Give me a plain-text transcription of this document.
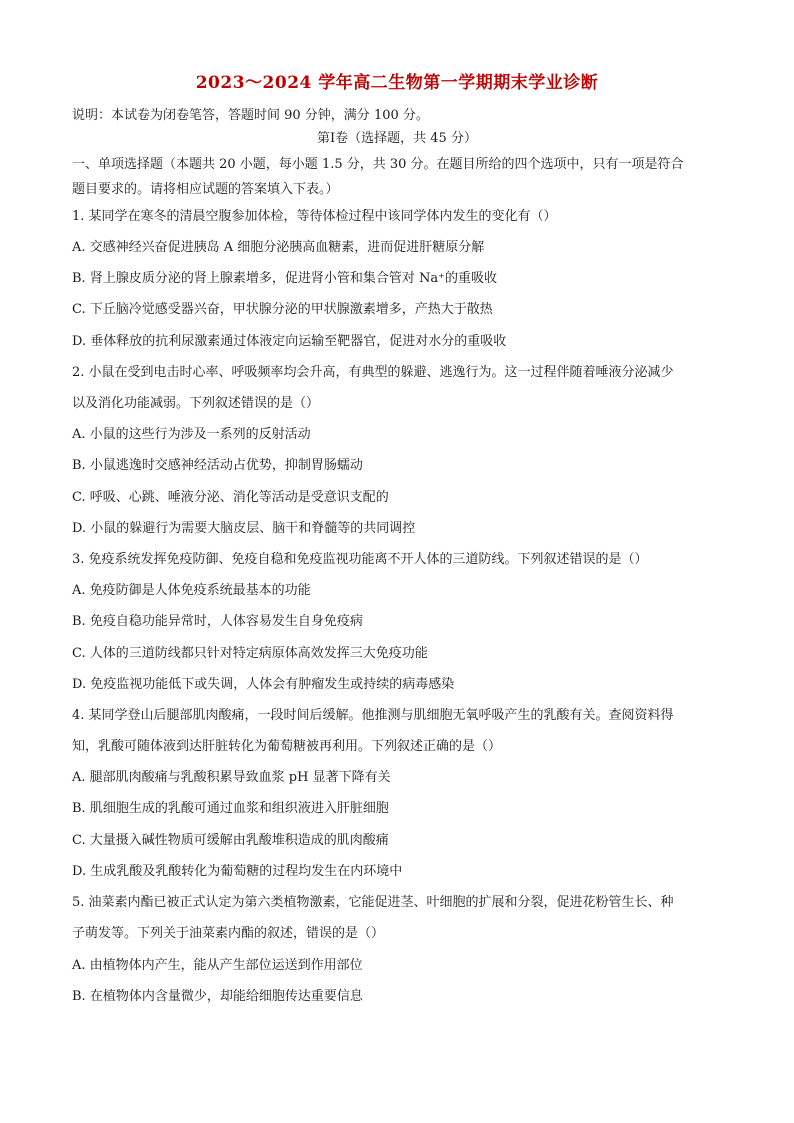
2023～2024 学年高二生物第一学期期末学业诊断
说明：本试卷为闭卷笔答，答题时间 90 分钟，满分 100 分。
第Ⅰ卷（选择题，共 45 分）
一、单项选择题（本题共 20 小题，每小题 1.5 分，共 30 分。在题目所给的四个选项中，只有一项是符合
题目要求的。请将相应试题的答案填入下表。）
1. 某同学在寒冬的清晨空腹参加体检，等待体检过程中该同学体内发生的变化有（）
A. 交感神经兴奋促进胰岛 A 细胞分泌胰高血糖素，进而促进肝糖原分解
B. 肾上腺皮质分泌的肾上腺素增多，促进肾小管和集合管对 Na⁺的重吸收
C. 下丘脑冷觉感受器兴奋，甲状腺分泌的甲状腺激素增多，产热大于散热
D. 垂体释放的抗利尿激素通过体液定向运输至靶器官，促进对水分的重吸收
2. 小鼠在受到电击时心率、呼吸频率均会升高，有典型的躲避、逃逸行为。这一过程伴随着唾液分泌减少
以及消化功能减弱。下列叙述错误的是（）
A. 小鼠的这些行为涉及一系列的反射活动
B. 小鼠逃逸时交感神经活动占优势，抑制胃肠蠕动
C. 呼吸、心跳、唾液分泌、消化等活动是受意识支配的
D. 小鼠的躲避行为需要大脑皮层、脑干和脊髓等的共同调控
3. 免疫系统发挥免疫防御、免疫自稳和免疫监视功能离不开人体的三道防线。下列叙述错误的是（）
A. 免疫防御是人体免疫系统最基本的功能
B. 免疫自稳功能异常时，人体容易发生自身免疫病
C. 人体的三道防线都只针对特定病原体高效发挥三大免疫功能
D. 免疫监视功能低下或失调，人体会有肿瘤发生或持续的病毒感染
4. 某同学登山后腿部肌肉酸痛，一段时间后缓解。他推测与肌细胞无氧呼吸产生的乳酸有关。查阅资料得
知，乳酸可随体液到达肝脏转化为葡萄糖被再利用。下列叙述正确的是（）
A. 腿部肌肉酸痛与乳酸积累导致血浆 pH 显著下降有关
B. 肌细胞生成的乳酸可通过血浆和组织液进入肝脏细胞
C. 大量摄入碱性物质可缓解由乳酸堆积造成的肌肉酸痛
D. 生成乳酸及乳酸转化为葡萄糖的过程均发生在内环境中
5. 油菜素内酯已被正式认定为第六类植物激素，它能促进茎、叶细胞的扩展和分裂，促进花粉管生长、种
子萌发等。下列关于油菜素内酯的叙述，错误的是（）
A. 由植物体内产生，能从产生部位运送到作用部位
B. 在植物体内含量微少，却能给细胞传达重要信息
